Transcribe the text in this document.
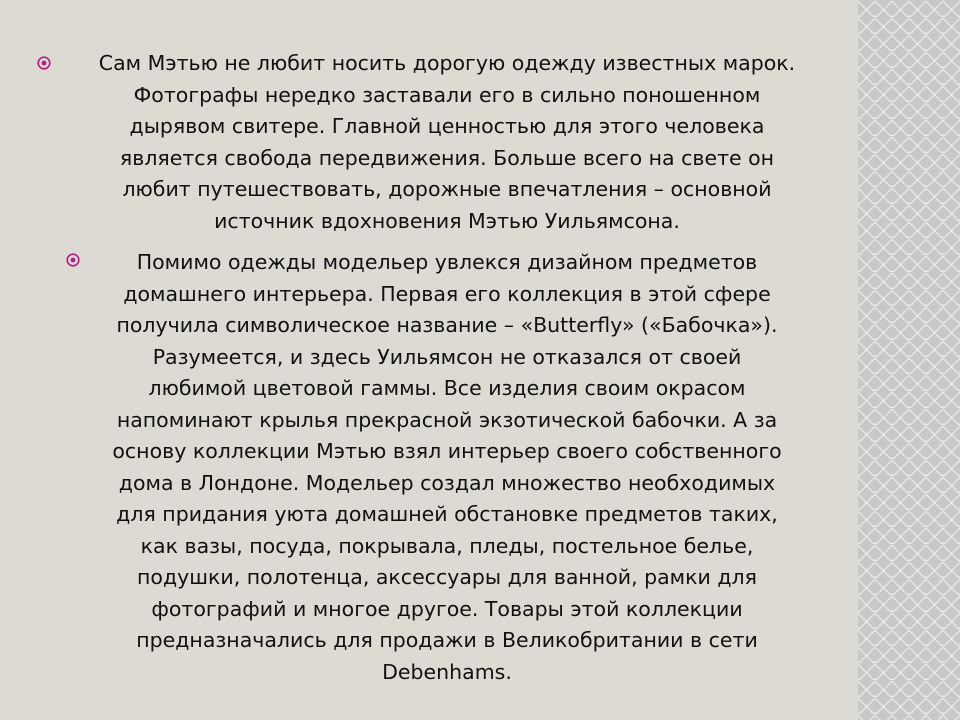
Сам Мэтью не любит носить дорогую одежду известных марок.
Фотографы нередко заставали его в сильно поношенном
дырявом свитере. Главной ценностью для этого человека
является свобода передвижения. Больше всего на свете он
любит путешествовать, дорожные впечатления – основной
источник вдохновения Мэтью Уильямсона.
Помимо одежды модельер увлекся дизайном предметов
домашнего интерьера. Первая его коллекция в этой сфере
получила символическое название – «Butterfly» («Бабочка»).
Разумеется, и здесь Уильямсон не отказался от своей
любимой цветовой гаммы. Все изделия своим окрасом
напоминают крылья прекрасной экзотической бабочки. А за
основу коллекции Мэтью взял интерьер своего собственного
дома в Лондоне. Модельер создал множество необходимых
для придания уюта домашней обстановке предметов таких,
как вазы, посуда, покрывала, пледы, постельное белье,
подушки, полотенца, аксессуары для ванной, рамки для
фотографий и многое другое. Товары этой коллекции
предназначались для продажи в Великобритании в сети
Debenhams.
